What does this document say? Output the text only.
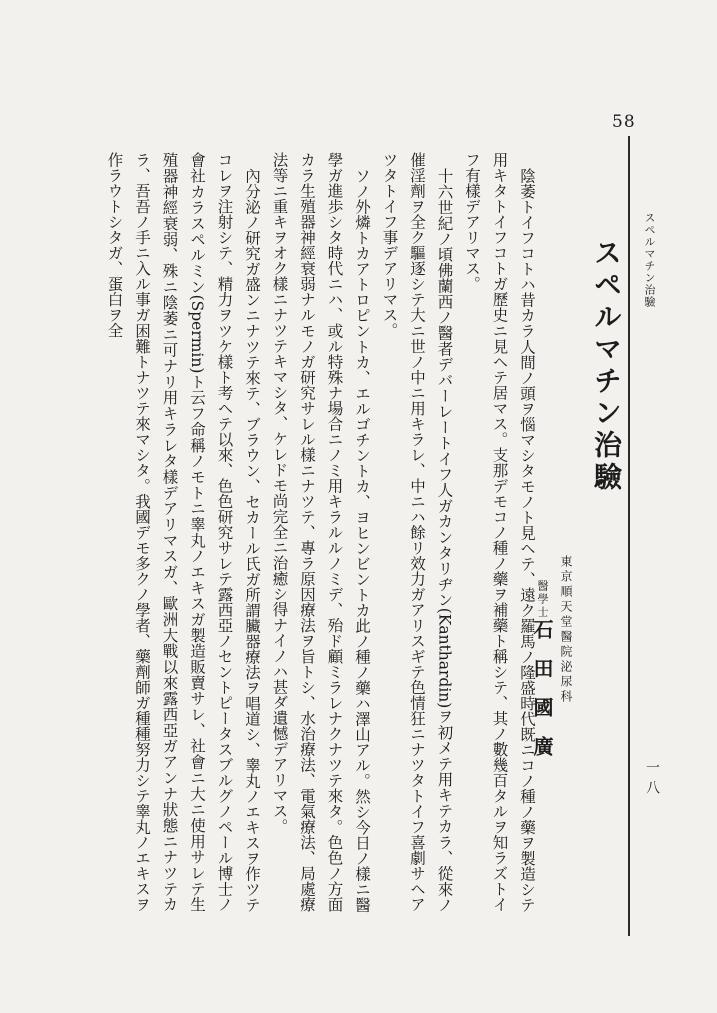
58
スペルマチン治驗
一八
スペルマチン治驗
東京順天堂醫院泌尿科
醫學士石 田 國 廣

陰萎トイフコトハ昔カラ人間ノ頭ヲ惱マシタモノト見ヘテ、遠ク羅馬ノ隆盛時代既ニコノ種ノ藥ヲ製造シテ用キタトイフコトガ歷史ニ見ヘテ居マス。支那デモコノ種ノ藥ヲ補藥ト稱シテ、其ノ數幾百タルヲ知ラズトイフ有樣デアリマス。

十六世紀ノ頃佛蘭西ノ醫者デバーレートイフ人ガカンタリヂン(Kanthardin)ヲ初メテ用キテカラ、從來ノ催淫劑ヲ全ク驅逐シテ大ニ世ノ中ニ用キラレ、中ニハ餘リ效力ガアリスギテ色情狂ニナツタトイフ喜劇サヘアツタトイフ事デアリマス。

ソノ外燐トカアトロピントカ、エルゴチントカ、ヨヒンビントカ此ノ種ノ藥ハ澤山アル。然シ今日ノ樣ニ醫學ガ進歩シタ時代ニハ、或ル特殊ナ場合ニノミ用キラルルノミデ、殆ド顧ミラレナクナツテ來タ。色色ノ方面カラ生殖器神經衰弱ナルモノガ研究サレル樣ニナツテ、專ラ原因療法ヲ旨トシ、水治療法、電氣療法、局處療法等ニ重キヲオク樣ニナツテキマシタ、ケレドモ尚完全ニ治癒シ得ナイノハ甚ダ遺憾デアリマス。

內分泌ノ研究ガ盛ンニナツテ來テ、ブラウン、セカール氏ガ所謂臟器療法ヲ唱道シ、睾丸ノエキスヲ作ツテコレヲ注射シテ、精力ヲツケ樣ト考ヘテ以來、色色研究サレテ露西亞ノセントピータスブルグノペール博士ノ會社カラスペルミン(Spermin)ト云フ命稱ノモトニ睾丸ノエキスガ製造販賣サレ、社會ニ大ニ使用サレテ生殖器神經衰弱、殊ニ陰萎ニ可ナリ用キラレタ樣デアリマスガ、歐洲大戰以來露西亞ガアンナ狀態ニナツテカラ、吾吾ノ手ニ入ル事ガ困難トナツテ來マシタ。我國デモ多クノ學者、藥劑師ガ種種努力シテ睾丸ノエキスヲ作ラウトシタガ、蛋白ヲ全
